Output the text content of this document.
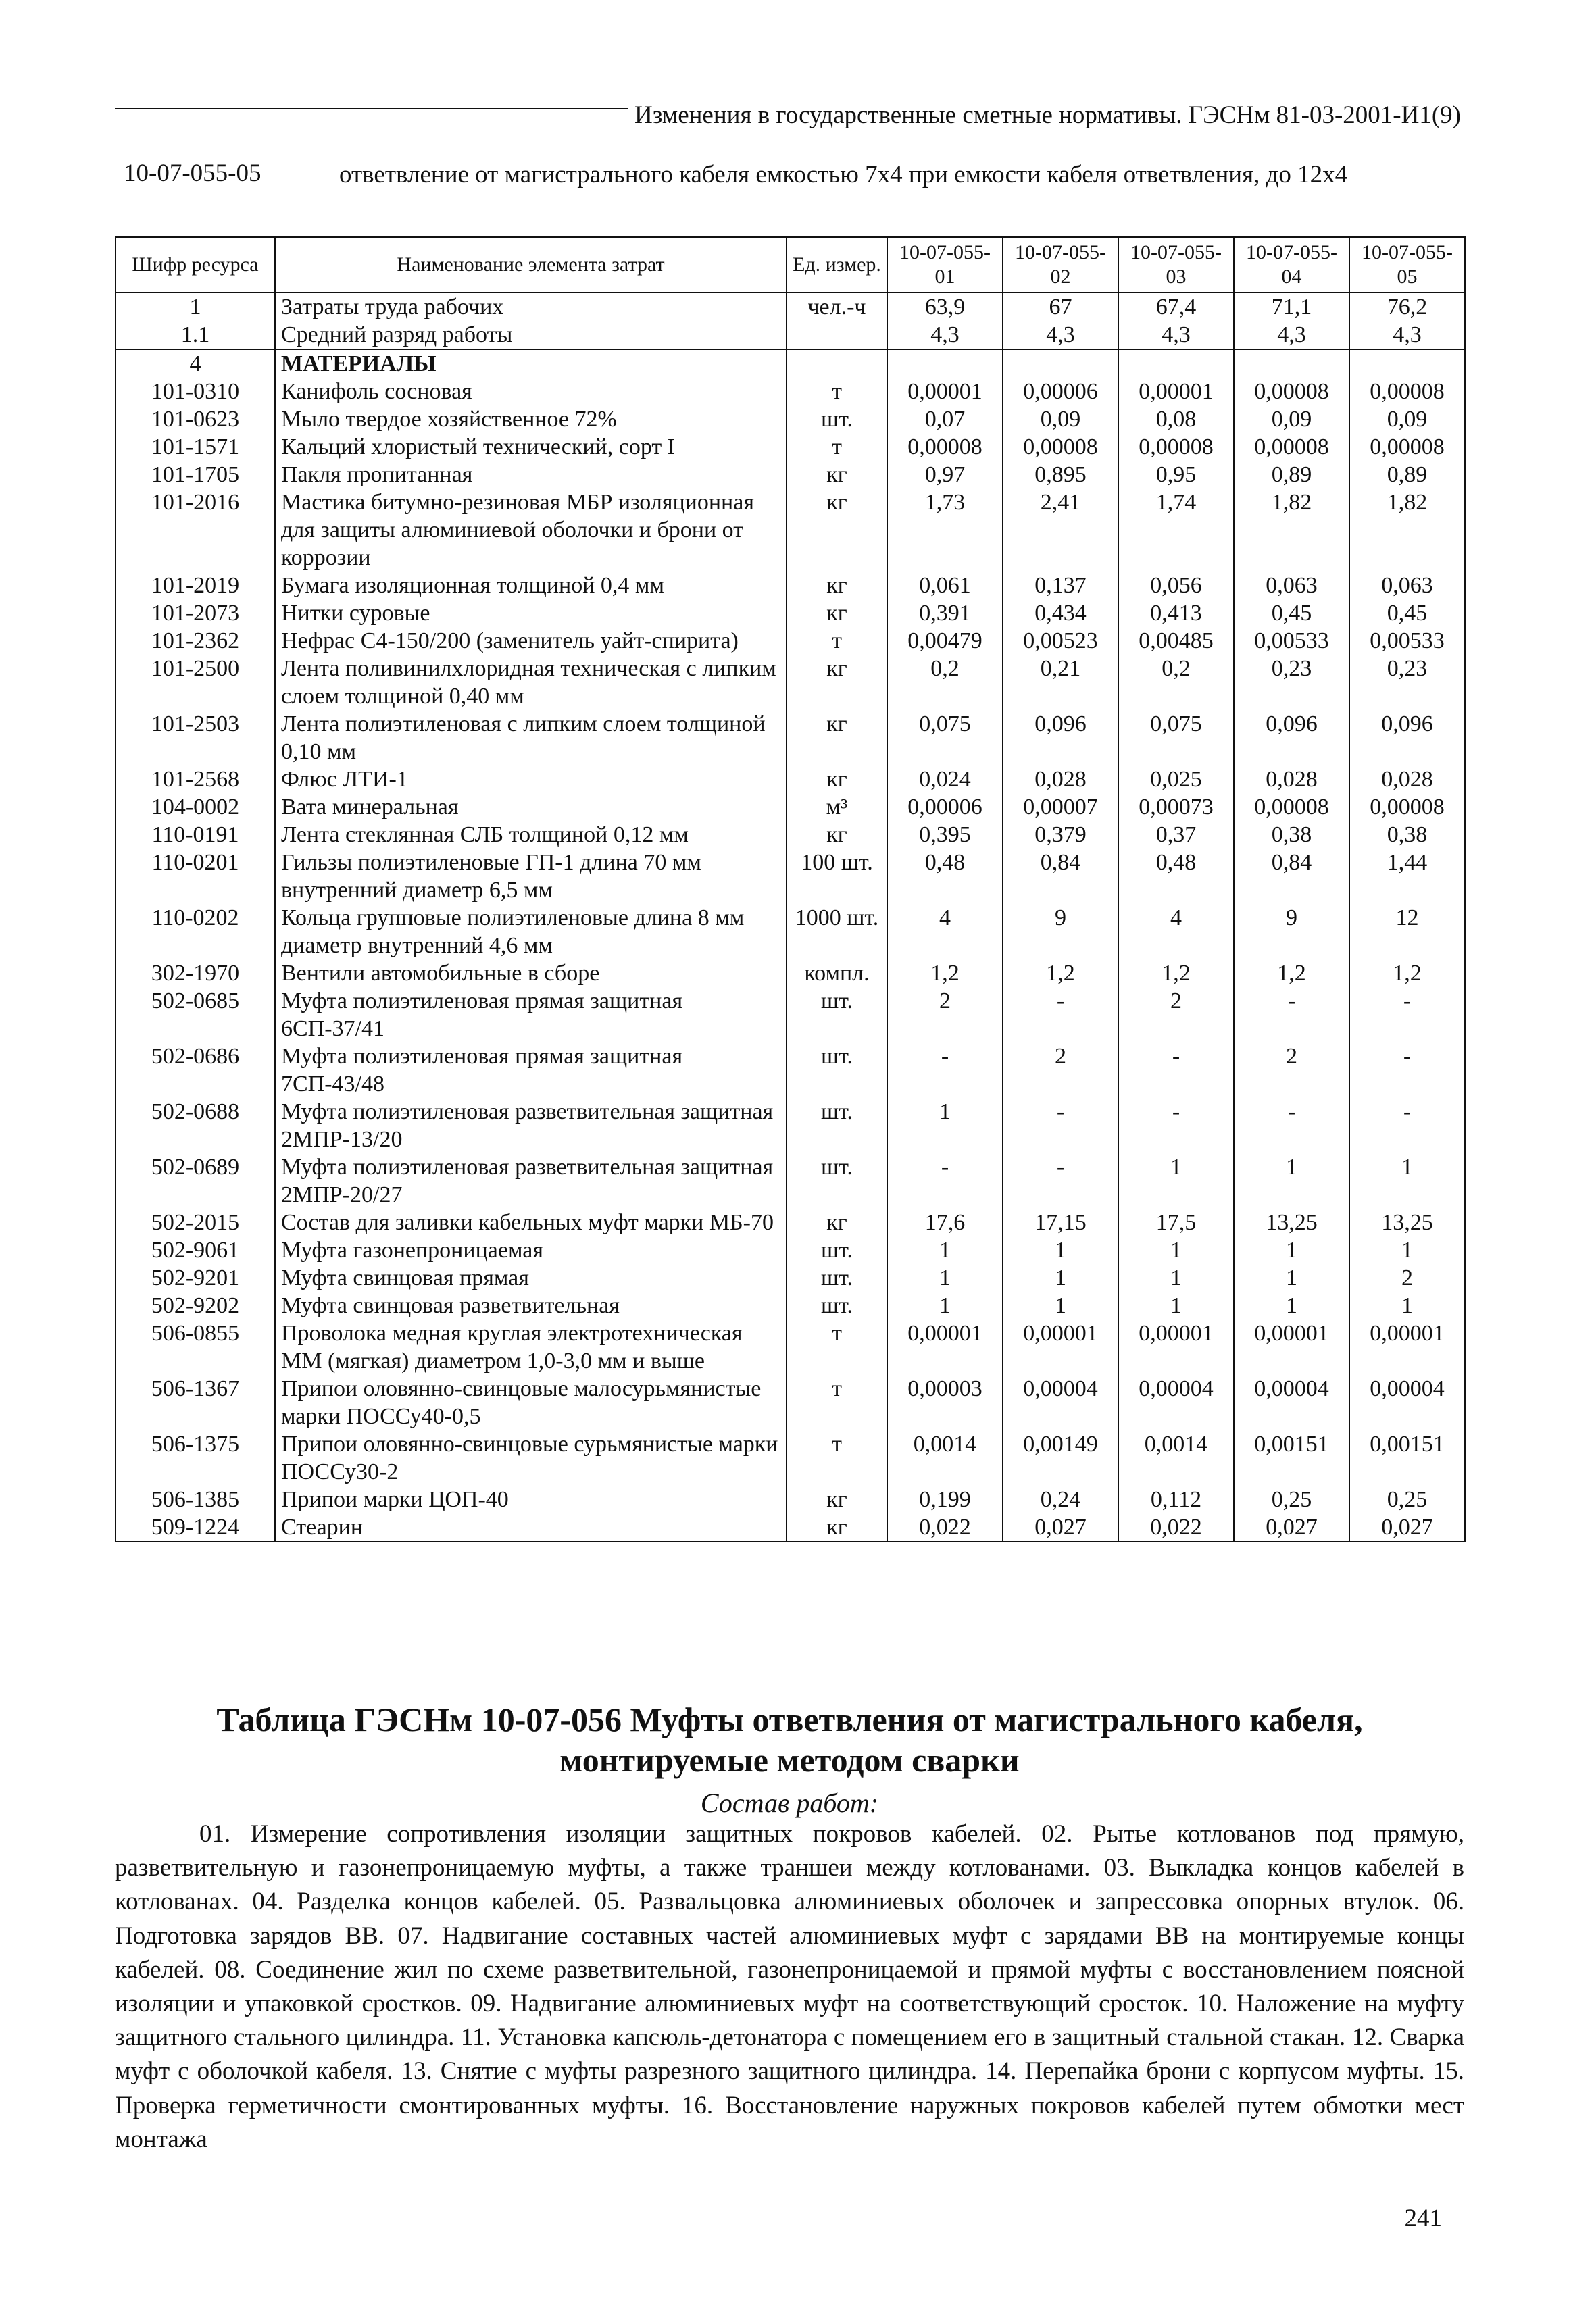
Изменения в государственные сметные нормативы. ГЭСНм 81-03-2001-И1(9)
10-07-055-05	ответвление от магистрального кабеля емкостью 7х4 при емкости кабеля ответвления, до 12х4
Шифр ресурса	Наименование элемента затрат	Ед. измер.	10-07-055-01	10-07-055-02	10-07-055-03	10-07-055-04	10-07-055-05
1	Затраты труда рабочих	чел.-ч	63,9	67	67,4	71,1	76,2
1.1	Средний разряд работы		4,3	4,3	4,3	4,3	4,3
4	МАТЕРИАЛЫ						
101-0310	Канифоль сосновая	т	0,00001	0,00006	0,00001	0,00008	0,00008
101-0623	Мыло твердое хозяйственное 72%	шт.	0,07	0,09	0,08	0,09	0,09
101-1571	Кальций хлористый технический, сорт I	т	0,00008	0,00008	0,00008	0,00008	0,00008
101-1705	Пакля пропитанная	кг	0,97	0,895	0,95	0,89	0,89
101-2016	Мастика битумно-резиновая МБР изоляционная для защиты алюминиевой оболочки и брони от коррозии	кг	1,73	2,41	1,74	1,82	1,82
101-2019	Бумага изоляционная толщиной 0,4 мм	кг	0,061	0,137	0,056	0,063	0,063
101-2073	Нитки суровые	кг	0,391	0,434	0,413	0,45	0,45
101-2362	Нефрас С4-150/200 (заменитель уайт-спирита)	т	0,00479	0,00523	0,00485	0,00533	0,00533
101-2500	Лента поливинилхлоридная техническая с липким слоем толщиной 0,40 мм	кг	0,2	0,21	0,2	0,23	0,23
101-2503	Лента полиэтиленовая с липким слоем толщиной 0,10 мм	кг	0,075	0,096	0,075	0,096	0,096
101-2568	Флюс ЛТИ-1	кг	0,024	0,028	0,025	0,028	0,028
104-0002	Вата минеральная	м³	0,00006	0,00007	0,00073	0,00008	0,00008
110-0191	Лента стеклянная СЛБ толщиной 0,12 мм	кг	0,395	0,379	0,37	0,38	0,38
110-0201	Гильзы полиэтиленовые ГП-1 длина 70 мм внутренний диаметр 6,5 мм	100 шт.	0,48	0,84	0,48	0,84	1,44
110-0202	Кольца групповые полиэтиленовые длина 8 мм диаметр внутренний 4,6 мм	1000 шт.	4	9	4	9	12
302-1970	Вентили автомобильные в сборе	компл.	1,2	1,2	1,2	1,2	1,2
502-0685	Муфта полиэтиленовая прямая защитная 6СП-37/41	шт.	2	-	2	-	-
502-0686	Муфта полиэтиленовая прямая защитная 7СП-43/48	шт.	-	2	-	2	-
502-0688	Муфта полиэтиленовая разветвительная защитная 2МПР-13/20	шт.	1	-	-	-	-
502-0689	Муфта полиэтиленовая разветвительная защитная 2МПР-20/27	шт.	-	-	1	1	1
502-2015	Состав для заливки кабельных муфт марки МБ-70	кг	17,6	17,15	17,5	13,25	13,25
502-9061	Муфта газонепроницаемая	шт.	1	1	1	1	1
502-9201	Муфта свинцовая прямая	шт.	1	1	1	1	2
502-9202	Муфта свинцовая разветвительная	шт.	1	1	1	1	1
506-0855	Проволока медная круглая электротехническая ММ (мягкая) диаметром 1,0-3,0 мм и выше	т	0,00001	0,00001	0,00001	0,00001	0,00001
506-1367	Припои оловянно-свинцовые малосурьмянистые марки ПОССу40-0,5	т	0,00003	0,00004	0,00004	0,00004	0,00004
506-1375	Припои оловянно-свинцовые сурьмянистые марки ПОССу30-2	т	0,0014	0,00149	0,0014	0,00151	0,00151
506-1385	Припои марки ЦОП-40	кг	0,199	0,24	0,112	0,25	0,25
509-1224	Стеарин	кг	0,022	0,027	0,022	0,027	0,027
Таблица ГЭСНм 10-07-056 Муфты ответвления от магистрального кабеля,
монтируемые методом сварки
Состав работ:
01. Измерение сопротивления изоляции защитных покровов кабелей. 02. Рытье котлованов под прямую, разветвительную и газонепроницаемую муфты, а также траншеи между котлованами. 03. Выкладка концов кабелей в котлованах. 04. Разделка концов кабелей. 05. Развальцовка алюминиевых оболочек и запрессовка опорных втулок. 06. Подготовка зарядов ВВ. 07. Надвигание составных частей алюминиевых муфт с зарядами ВВ на монтируемые концы кабелей. 08. Соединение жил по схеме разветвительной, газонепроницаемой и прямой муфты с восстановлением поясной изоляции и упаковкой сростков. 09. Надвигание алюминиевых муфт на соответствующий сросток. 10. Наложение на муфту защитного стального цилиндра. 11. Установка капсюль-детонатора с помещением его в защитный стальной стакан. 12. Сварка муфт с оболочкой кабеля. 13. Снятие с муфты разрезного защитного цилиндра. 14. Перепайка брони с корпусом муфты. 15. Проверка герметичности смонтированных муфты. 16. Восстановление наружных покровов кабелей путем обмотки мест монтажа
241
